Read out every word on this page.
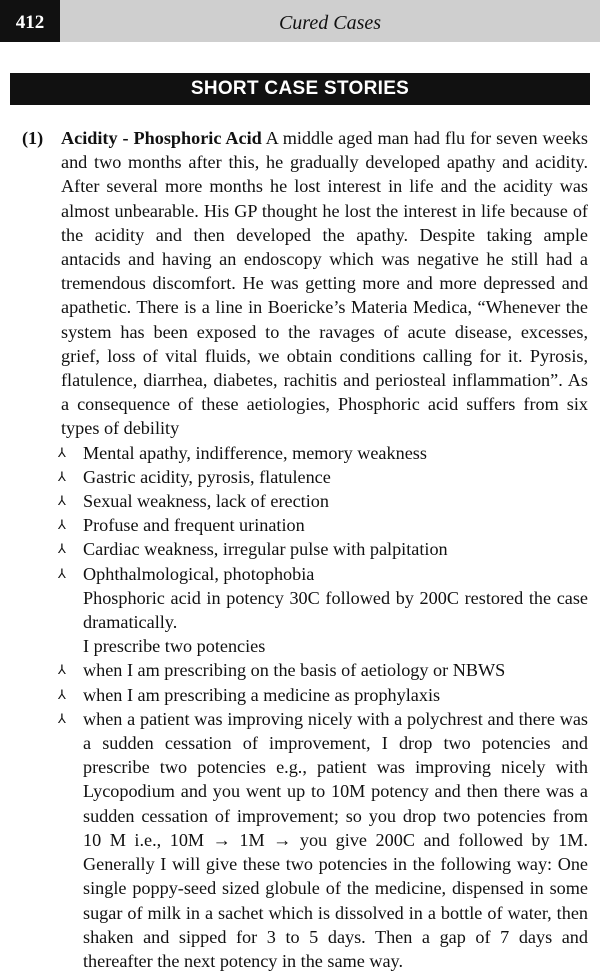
412	Cured Cases
SHORT CASE STORIES
(1) Acidity - Phosphoric Acid A middle aged man had flu for seven weeks and two months after this, he gradually developed apathy and acidity. After several more months he lost interest in life and the acidity was almost unbearable. His GP thought he lost the interest in life because of the acidity and then developed the apathy. Despite taking ample antacids and having an endoscopy which was negative he still had a tremendous discomfort. He was getting more and more depressed and apathetic. There is a line in Boericke’s Materia Medica, “Whenever the system has been exposed to the ravages of acute disease, excesses, grief, loss of vital fluids, we obtain conditions calling for it. Pyrosis, flatulence, diarrhea, diabetes, rachitis and periosteal inflammation”. As a consequence of these aetiologies, Phosphoric acid suffers from six types of debility

⅄ Mental apathy, indifference, memory weakness
⅄ Gastric acidity, pyrosis, flatulence
⅄ Sexual weakness, lack of erection
⅄ Profuse and frequent urination
⅄ Cardiac weakness, irregular pulse with palpitation
⅄ Ophthalmological, photophobia

Phosphoric acid in potency 30C followed by 200C restored the case dramatically.

I prescribe two potencies

⅄ when I am prescribing on the basis of aetiology or NBWS
⅄ when I am prescribing a medicine as prophylaxis
⅄ when a patient was improving nicely with a polychrest and there was a sudden cessation of improvement, I drop two potencies and prescribe two potencies e.g., patient was improving nicely with Lycopodium and you went up to 10M potency and then there was a sudden cessation of improvement; so you drop two potencies from 10 M i.e., 10M → 1M → you give 200C and followed by 1M. Generally I will give these two potencies in the following way: One single poppy-seed sized globule of the medicine, dispensed in some sugar of milk in a sachet which is dissolved in a bottle of water, then shaken and sipped for 3 to 5 days. Then a gap of 7 days and thereafter the next potency in the same way.
